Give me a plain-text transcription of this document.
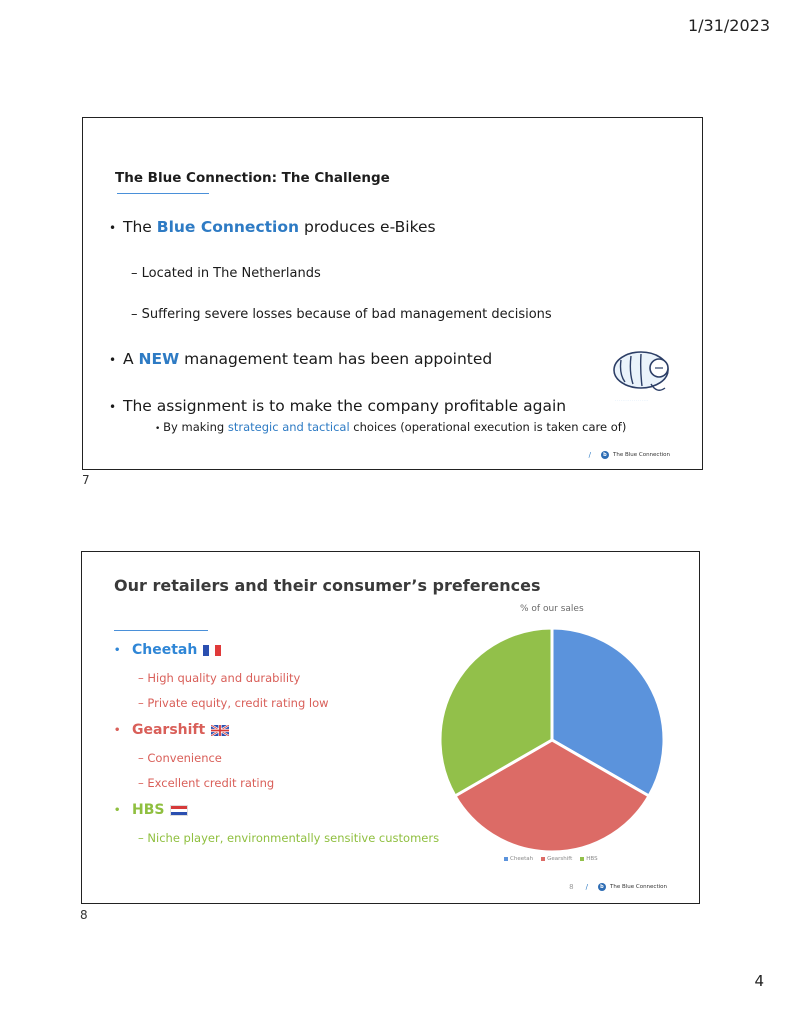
1/31/2023
The Blue Connection: The Challenge
• The Blue Connection produces e-Bikes
– Located in The Netherlands
– Suffering severe losses because of bad management decisions
• A NEW management team has been appointed
• The assignment is to make the company profitable again
• By making strategic and tactical choices (operational execution is taken care of)
· · · · · · · · · · · · · · · · · ·
/	b	The Blue Connection
7
Our retailers and their consumer’s preferences
• Cheetah
– High quality and durability
– Private equity, credit rating low
• Gearshift
– Convenience
– Excellent credit rating
• HBS
– Niche player, environmentally sensitive customers
% of our sales
Cheetah	Gearshift	HBS
8 /	b	The Blue Connection
8
4
